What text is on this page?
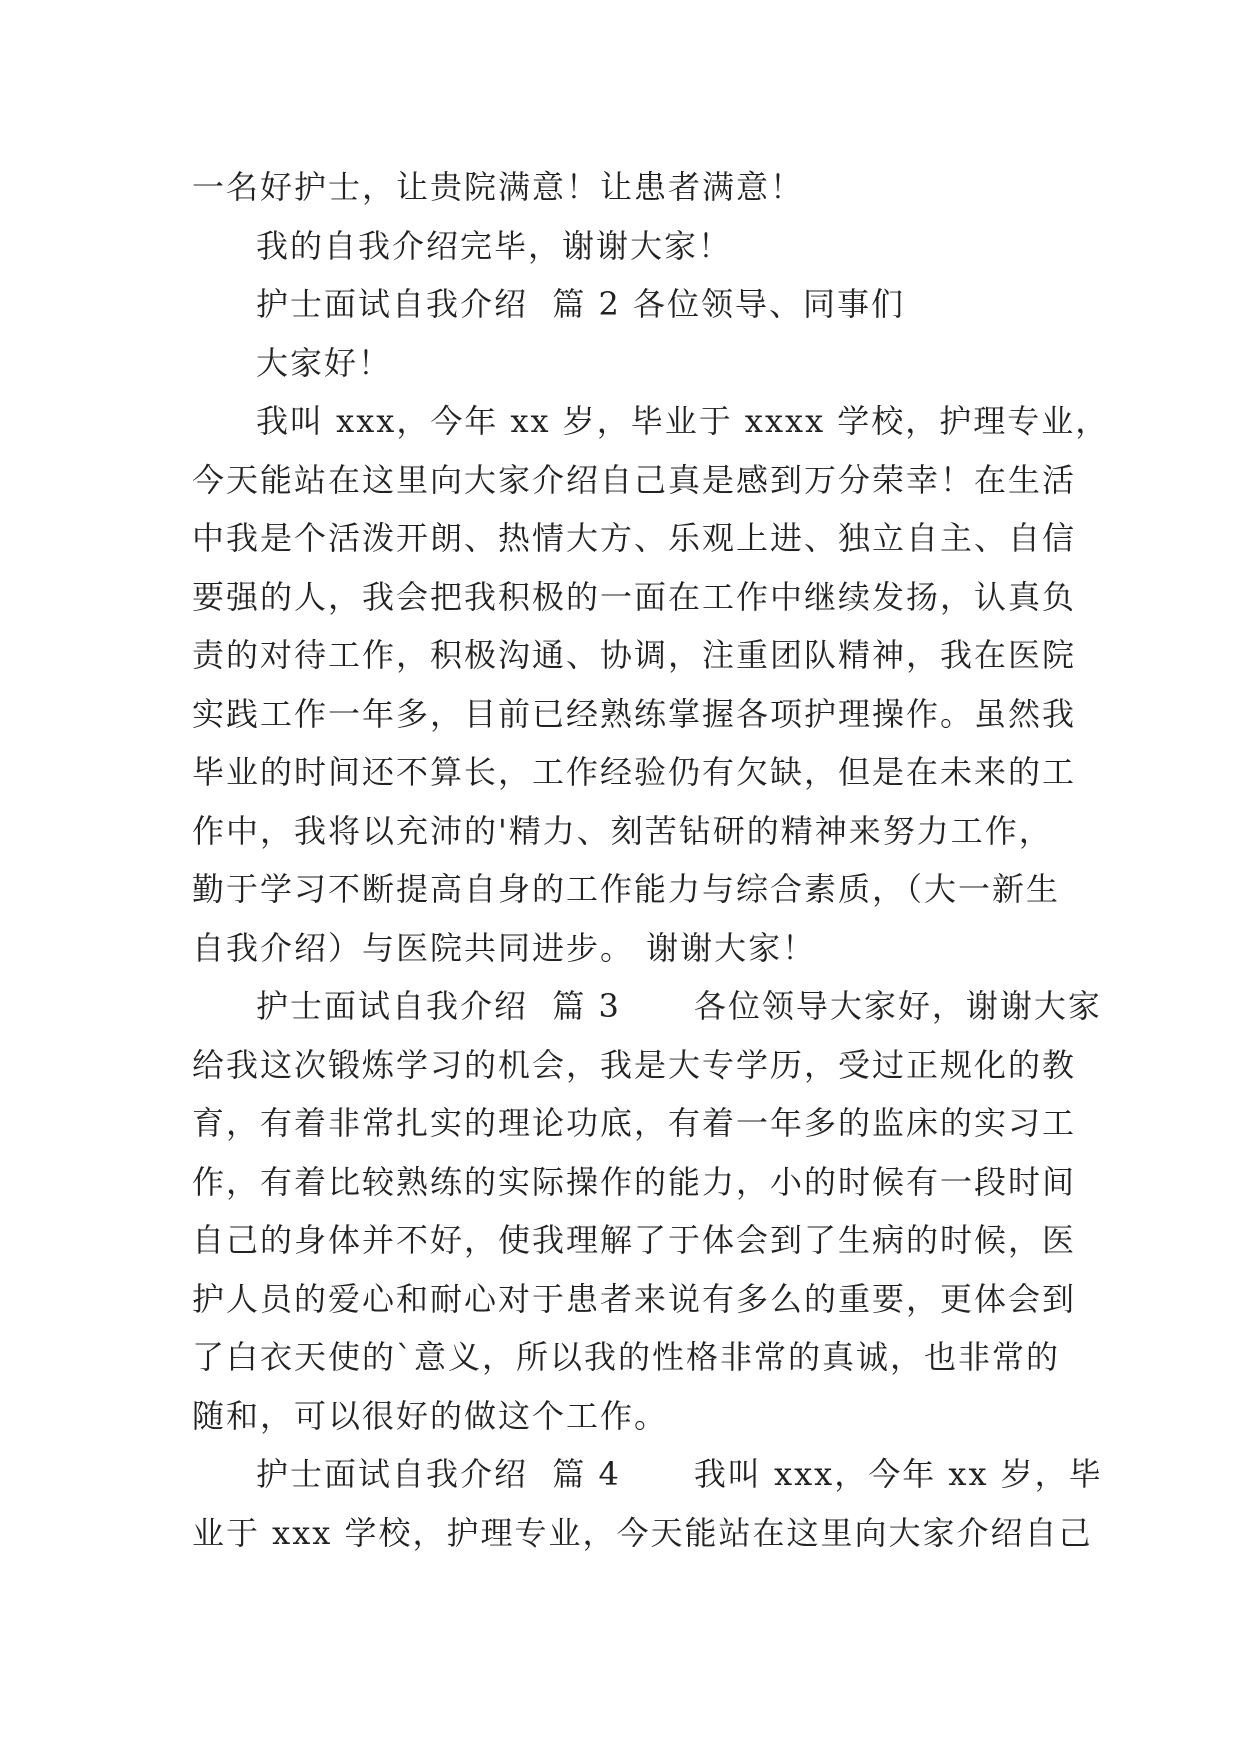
一名好护士，让贵院满意！让患者满意！
我的自我介绍完毕，谢谢大家！
护士面试自我介绍  篇 2 各位领导、同事们
大家好！
我叫 xxx，今年 xx 岁，毕业于 xxxx 学校，护理专业，
今天能站在这里向大家介绍自己真是感到万分荣幸！在生活
中我是个活泼开朗、热情大方、乐观上进、独立自主、自信
要强的人，我会把我积极的一面在工作中继续发扬，认真负
责的对待工作，积极沟通、协调，注重团队精神，我在医院
实践工作一年多，目前已经熟练掌握各项护理操作。虽然我
毕业的时间还不算长，工作经验仍有欠缺，但是在未来的工
作中，我将以充沛的'精力、刻苦钻研的精神来努力工作，
勤于学习不断提高自身的工作能力与综合素质，（大一新生
自我介绍）与医院共同进步。 谢谢大家！
护士面试自我介绍  篇 3      各位领导大家好，谢谢大家
给我这次锻炼学习的机会，我是大专学历，受过正规化的教
育，有着非常扎实的理论功底，有着一年多的监床的实习工
作，有着比较熟练的实际操作的能力，小的时候有一段时间
自己的身体并不好，使我理解了于体会到了生病的时候，医
护人员的爱心和耐心对于患者来说有多么的重要，更体会到
了白衣天使的`意义，所以我的性格非常的真诚，也非常的
随和，可以很好的做这个工作。
护士面试自我介绍  篇 4      我叫 xxx，今年 xx 岁，毕
业于 xxx 学校，护理专业，今天能站在这里向大家介绍自己
